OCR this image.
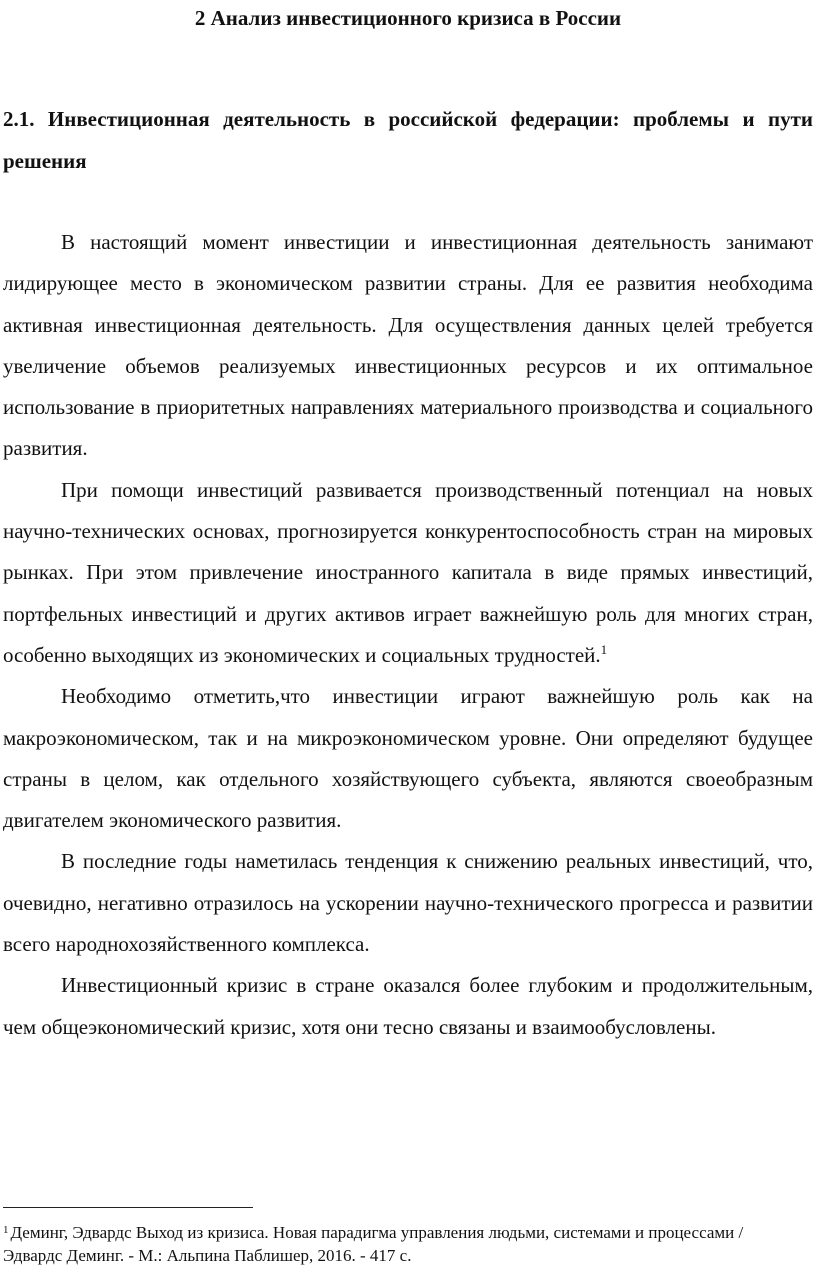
2 Анализ инвестиционного кризиса в России
2.1. Инвестиционная деятельность в российской федерации: проблемы и пути решения

В настоящий момент инвестиции и инвестиционная деятельность занимают лидирующее место в экономическом развитии страны. Для ее развития необходима активная инвестиционная деятельность. Для осуществления данных целей требуется увеличение объемов реализуемых инвестиционных ресурсов и их оптимальное использование в приоритетных направлениях материального производства и социального развития.

При помощи инвестиций развивается производственный потенциал на новых научно-технических основах, прогнозируется конкурентоспособность стран на мировых рынках. При этом привлечение иностранного капитала в виде прямых инвестиций, портфельных инвестиций и других активов играет важнейшую роль для многих стран, особенно выходящих из экономических и социальных трудностей.$^1$

Необходимо отметить,что инвестиции играют важнейшую роль как на макроэкономическом, так и на микроэкономическом уровне. Они определяют будущее страны в целом, как отдельного хозяйствующего субъекта, являются своеобразным двигателем экономического развития.

В последние годы наметилась тенденция к снижению реальных инвестиций, что, очевидно, негативно отразилось на ускорении научно-технического прогресса и развитии всего народнохозяйственного комплекса.

Инвестиционный кризис в стране оказался более глубоким и продолжительным, чем общеэкономический кризис, хотя они тесно связаны и взаимообусловлены.

$^1$ Деминг, Эдвардс Выход из кризиса. Новая парадигма управления людьми, системами и процессами / Эдвардс Деминг. - М.: Альпина Паблишер, 2016. - 417 с.
